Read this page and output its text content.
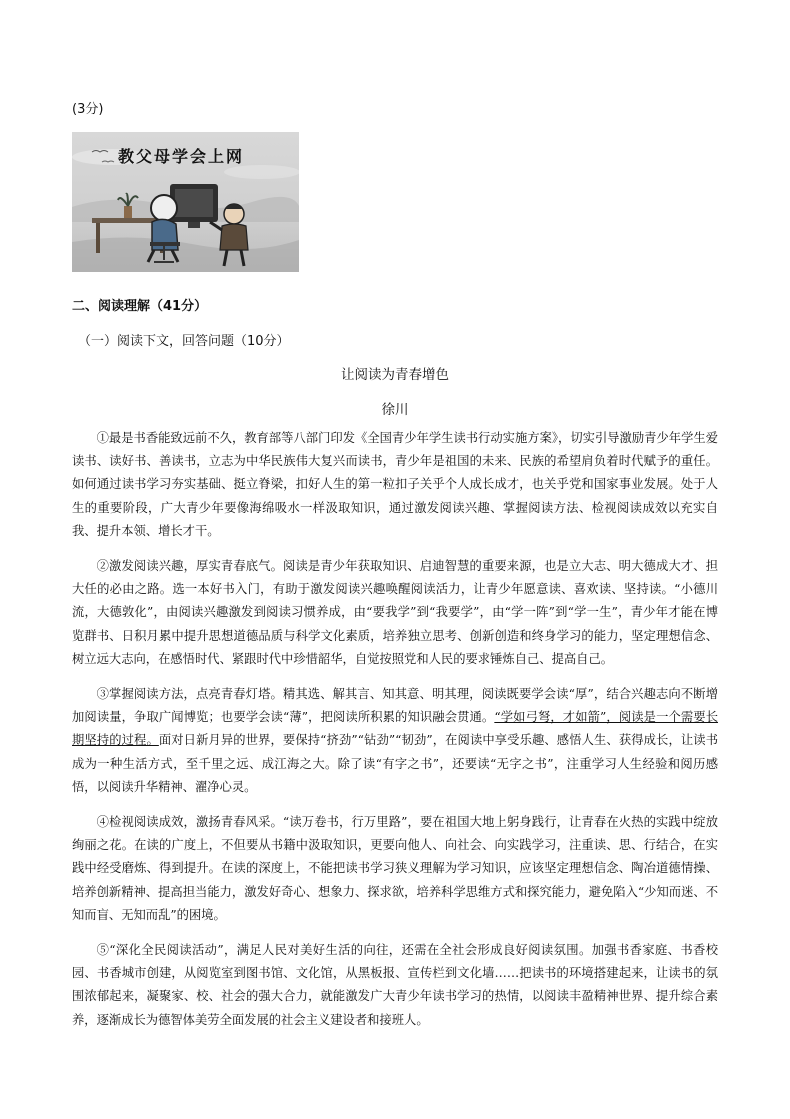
(3分)
教父母学会上网
二、阅读理解（41分）
（一）阅读下文，回答问题（10分）
让阅读为青春增色
徐川

①最是书香能致远前不久，教育部等八部门印发《全国青少年学生读书行动实施方案》，切实引导激励青少年学生爱读书、读好书、善读书，立志为中华民族伟大复兴而读书，青少年是祖国的未来、民族的希望肩负着时代赋予的重任。如何通过读书学习夯实基础、挺立脊梁，扣好人生的第一粒扣子关乎个人成长成才，也关乎党和国家事业发展。处于人生的重要阶段，广大青少年要像海绵吸水一样汲取知识，通过激发阅读兴趣、掌握阅读方法、检视阅读成效以充实自我、提升本领、增长才干。

②激发阅读兴趣，厚实青春底气。阅读是青少年获取知识、启迪智慧的重要来源，也是立大志、明大德成大才、担大任的必由之路。选一本好书入门，有助于激发阅读兴趣唤醒阅读活力，让青少年愿意读、喜欢读、坚持读。“小德川流，大德敦化”，由阅读兴趣激发到阅读习惯养成，由“要我学”到“我要学”，由“学一阵”到“学一生”，青少年才能在博览群书、日积月累中提升思想道德品质与科学文化素质，培养独立思考、创新创造和终身学习的能力，坚定理想信念、树立远大志向，在感悟时代、紧跟时代中珍惜韶华，自觉按照党和人民的要求锤炼自己、提高自己。

③掌握阅读方法，点亮青春灯塔。精其选、解其言、知其意、明其理，阅读既要学会读“厚”，结合兴趣志向不断增加阅读量，争取广闻博览；也要学会读“薄”，把阅读所积累的知识融会贯通。“学如弓弩，才如箭”，阅读是一个需要长期坚持的过程。面对日新月异的世界，要保持“挤劲”“钻劲”“韧劲”，在阅读中享受乐趣、感悟人生、获得成长，让读书成为一种生活方式，至千里之远、成江海之大。除了读“有字之书”，还要读“无字之书”，注重学习人生经验和阅历感悟，以阅读升华精神、濯净心灵。

④检视阅读成效，激扬青春风采。“读万卷书，行万里路”，要在祖国大地上躬身践行，让青春在火热的实践中绽放绚丽之花。在读的广度上，不但要从书籍中汲取知识，更要向他人、向社会、向实践学习，注重读、思、行结合，在实践中经受磨炼、得到提升。在读的深度上，不能把读书学习狭义理解为学习知识，应该坚定理想信念、陶冶道德情操、培养创新精神、提高担当能力，激发好奇心、想象力、探求欲，培养科学思维方式和探究能力，避免陷入“少知而迷、不知而盲、无知而乱”的困境。

⑤“深化全民阅读活动”，满足人民对美好生活的向往，还需在全社会形成良好阅读氛围。加强书香家庭、书香校园、书香城市创建，从阅览室到图书馆、文化馆，从黑板报、宣传栏到文化墙……把读书的环境搭建起来，让读书的氛围浓郁起来，凝聚家、校、社会的强大合力，就能激发广大青少年读书学习的热情，以阅读丰盈精神世界、提升综合素养，逐渐成长为德智体美劳全面发展的社会主义建设者和接班人。
